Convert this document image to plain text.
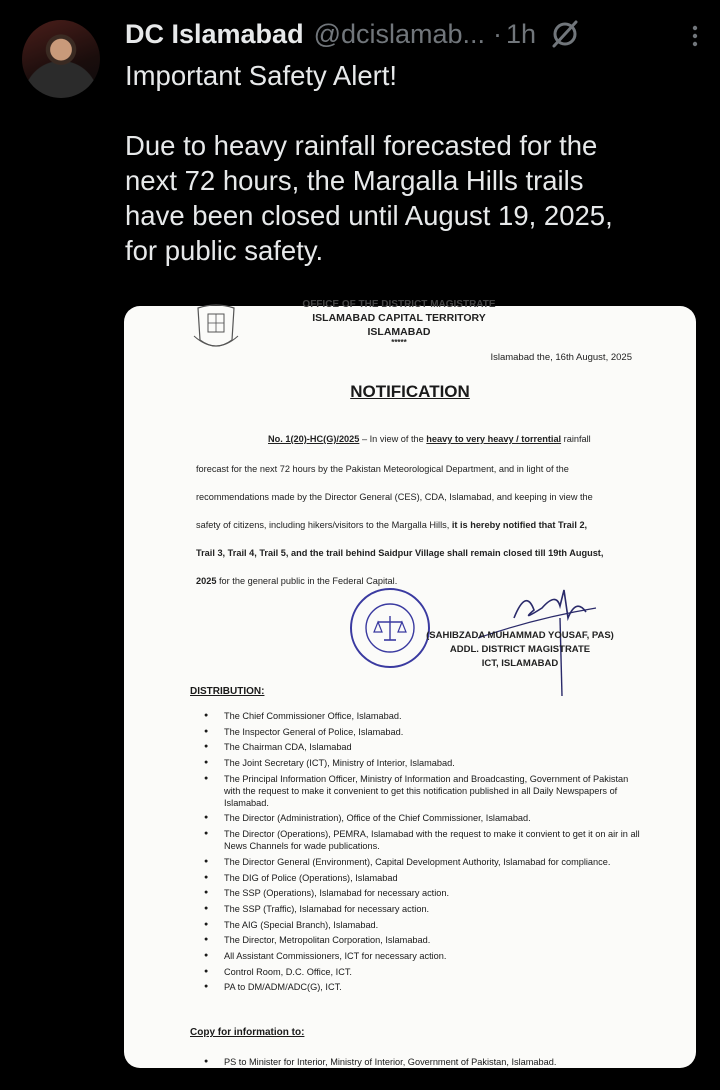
DC Islamabad @dcislamab... · 1h

Important Safety Alert!

Due to heavy rainfall forecasted for the

next 72 hours, the Margalla Hills trails

have been closed until August 19, 2025,

for public safety.

OFFICE OF THE DISTRICT MAGISTRATE
ISLAMABAD CAPITAL TERRITORY
ISLAMABAD
*****
Islamabad the, 16th August, 2025
NOTIFICATION
No. 1(20)-HC(G)/2025 – In view of the heavy to very heavy / torrential rainfall
forecast for the next 72 hours by the Pakistan Meteorological Department, and in light of the
recommendations made by the Director General (CES), CDA, Islamabad, and keeping in view the
safety of citizens, including hikers/visitors to the Margalla Hills, it is hereby notified that Trail 2,
Trail 3, Trail 4, Trail 5, and the trail behind Saidpur Village shall remain closed till 19th August,
2025 for the general public in the Federal Capital.
(SAHIBZADA MUHAMMAD YOUSAF, PAS)
ADDL. DISTRICT MAGISTRATE
ICT, ISLAMABAD
DISTRIBUTION:
● The Chief Commissioner Office, Islamabad.
● The Inspector General of Police, Islamabad.
● The Chairman CDA, Islamabad
● The Joint Secretary (ICT), Ministry of Interior, Islamabad.
● The Principal Information Officer, Ministry of Information and Broadcasting, Government of Pakistan with the request to make it convenient to get this notification published in all Daily Newspapers of Islamabad.
● The Director (Administration), Office of the Chief Commissioner, Islamabad.
● The Director (Operations), PEMRA, Islamabad with the request to make it convient to get it on air in all News Channels for wade publications.
● The Director General (Environment), Capital Development Authority, Islamabad for compliance.
● The DIG of Police (Operations), Islamabad
● The SSP (Operations), Islamabad for necessary action.
● The SSP (Traffic), Islamabad for necessary action.
● The AIG (Special Branch), Islamabad.
● The Director, Metropolitan Corporation, Islamabad.
● All Assistant Commissioners, ICT for necessary action.
● Control Room, D.C. Office, ICT.
● PA to DM/ADM/ADC(G), ICT.
Copy for information to:
● PS to Minister for Interior, Ministry of Interior, Government of Pakistan, Islamabad.
